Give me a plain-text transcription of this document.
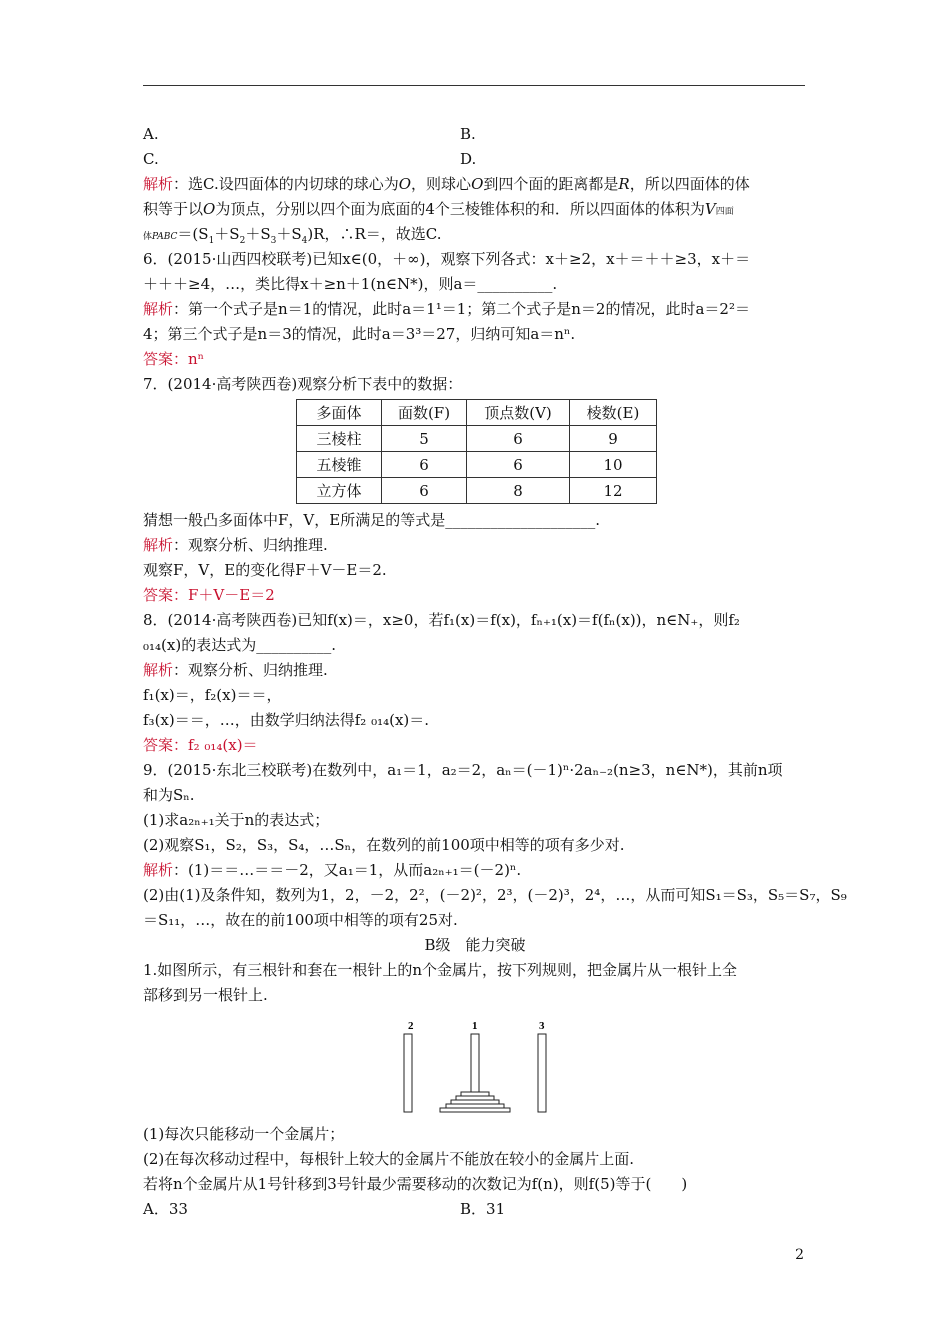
A.	B.
C.	D.
解析：选C.设四面体的内切球的球心为O，则球心O到四个面的距离都是R，所以四面体的体
积等于以O为顶点，分别以四个面为底面的4个三棱锥体积的和．所以四面体的体积为V四面
体$PABC=(S_1+S_2+S_3+S_4)R$，∴R＝，故选C.
6．(2015·山西四校联考)已知x∈(0，＋∞)，观察下列各式：x＋≥2，x＋＝＋＋≥3，x＋＝
＋＋＋≥4，…，类比得x＋≥n＋1(n∈N*)，则a＝__________.
解析：第一个式子是n＝1的情况，此时a＝1¹＝1；第二个式子是n＝2的情况，此时a＝2²＝
4；第三个式子是n＝3的情况，此时a＝3³＝27，归纳可知a＝nⁿ.
答案：nⁿ
7．(2014·高考陕西卷)观察分析下表中的数据：
多面体	面数(F)	顶点数(V)	棱数(E)
三棱柱	5	6	9
五棱锥	6	6	10
立方体	6	8	12
猜想一般凸多面体中F，V，E所满足的等式是____________________.
解析：观察分析、归纳推理.
观察F，V，E的变化得F＋V－E＝2.
答案：F＋V－E＝2
8．(2014·高考陕西卷)已知f(x)＝，x≥0，若f₁(x)＝f(x)，fₙ₊₁(x)＝f(fₙ(x))，n∈N₊，则f₂
₀₁₄(x)的表达式为__________.
解析：观察分析、归纳推理.
f₁(x)＝，f₂(x)＝＝，
f₃(x)＝＝，…，由数学归纳法得f₂ ₀₁₄(x)＝.
答案：f₂ ₀₁₄(x)＝
9．(2015·东北三校联考)在数列中，a₁＝1，a₂＝2，aₙ＝(－1)ⁿ·2aₙ₋₂(n≥3，n∈N*)，其前n项
和为Sₙ.
(1)求a₂ₙ₊₁关于n的表达式；
(2)观察S₁，S₂，S₃，S₄，…Sₙ，在数列的前100项中相等的项有多少对.
解析：(1)＝＝…＝＝－2，又a₁＝1，从而a₂ₙ₊₁＝(－2)ⁿ.
(2)由(1)及条件知，数列为1，2，－2，2²，(－2)²，2³，(－2)³，2⁴，…，从而可知S₁＝S₃，S₅＝S₇，S₉
＝S₁₁，…，故在的前100项中相等的项有25对.
B级　能力突破
1.如图所示，有三根针和套在一根针上的n个金属片，按下列规则，把金属片从一根针上全
部移到另一根针上.
2	1	3
(1)每次只能移动一个金属片；
(2)在每次移动过程中，每根针上较大的金属片不能放在较小的金属片上面.
若将n个金属片从1号针移到3号针最少需要移动的次数记为f(n)，则f(5)等于(　　)
A．33	B．31
2
